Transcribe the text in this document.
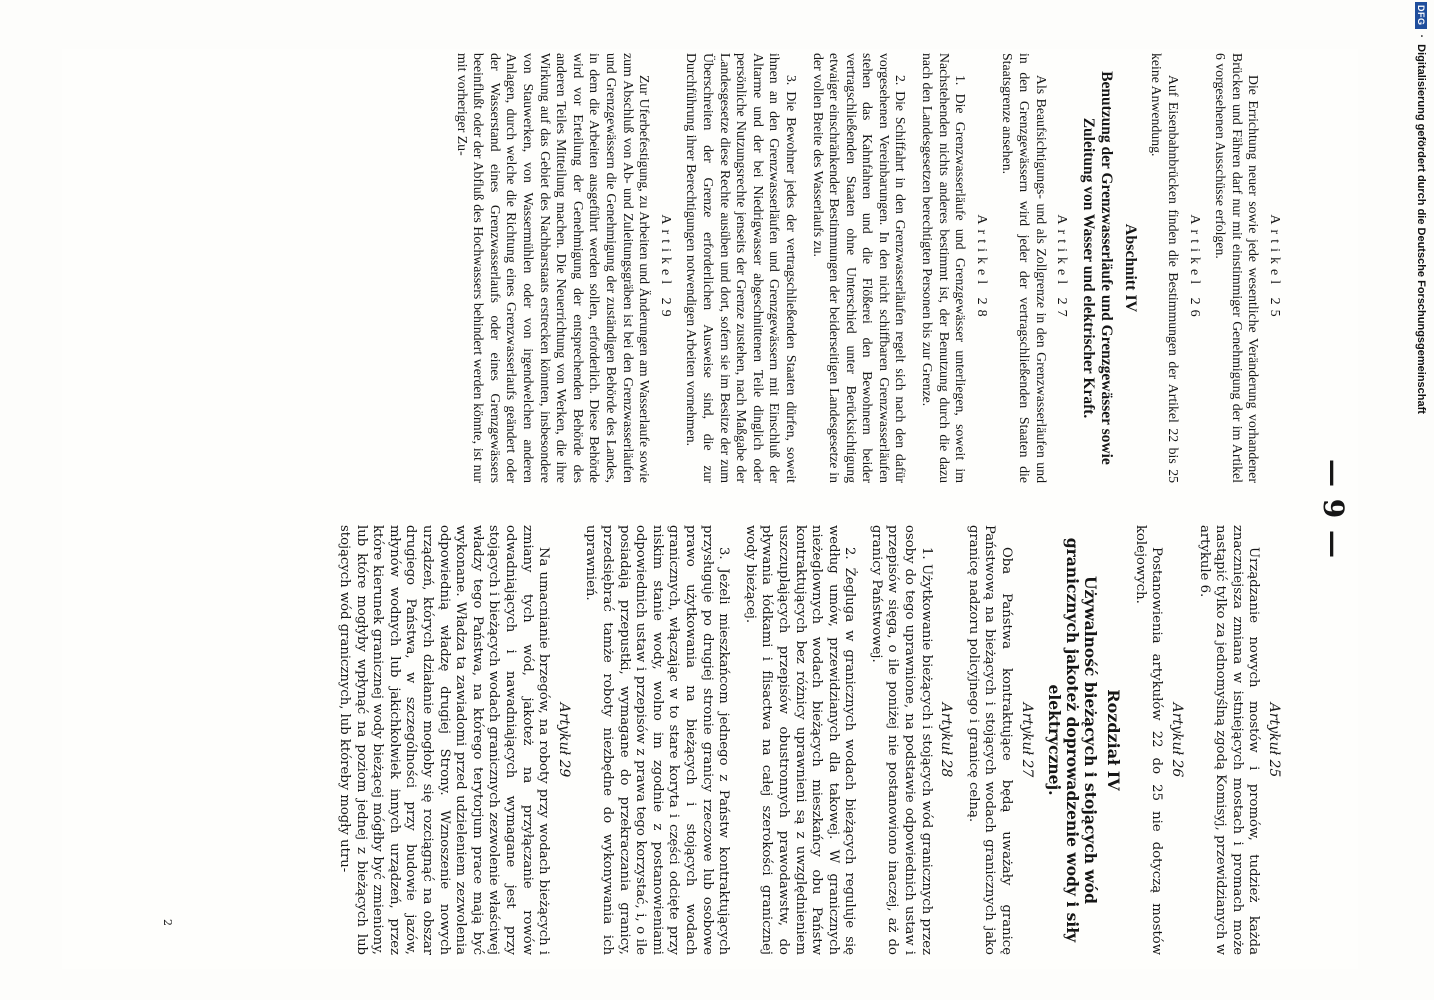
— 9 —
Artikel 25

Die Errichtung neuer sowie jede wesentliche Veränderung vorhandener Brücken und Fähren darf nur mit einstimmiger Genehmigung der im Artikel 6 vorgesehenen Ausschüsse erfolgen.

Artikel 26

Auf Eisenbahnbrücken finden die Bestimmungen der Artikel 22 bis 25 keine Anwendung.

Abschnitt IV
Benutzung der Grenzwasserläufe und Grenzgewässer sowie Zuleitung von Wasser und elektrischer Kraft.
Artikel 27

Als Beaufsichtigungs- und als Zollgrenze in den Grenzwasserläufen und in den Grenzgewässern wird jeder der vertragschließenden Staaten die Staatsgrenze ansehen.

Artikel 28

1. Die Grenzwasserläufe und Grenzgewässer unterliegen, soweit im Nachstehenden nichts anderes bestimmt ist, der Benutzung durch die dazu nach den Landesgesetzen berechtigten Personen bis zur Grenze.

2. Die Schiffahrt in den Grenzwasserläufen regelt sich nach den dafür vorgesehenen Vereinbarungen. In den nicht schiffbaren Grenzwasserläufen stehen das Kahnfahren und die Flößerei den Bewohnern beider vertragschließenden Staaten ohne Unterschied unter Berücksichtigung etwaiger einschränkender Bestimmungen der beiderseitigen Landesgesetze in der vollen Breite des Wasserlaufs zu.

3. Die Bewohner jedes der vertragschließenden Staaten dürfen, soweit ihnen an den Grenzwasserläufen und Grenzgewässern mit Einschluß der Altarme und der bei Niedrigwasser abgeschnittenen Teile dinglich oder persönliche Nutzungsrechte jenseits der Grenze zustehen, nach Maßgabe der Landesgesetze diese Rechte ausüben und dort, sofern sie im Besitze der zum Überschreiten der Grenze erforderlichen Ausweise sind, die zur Durchführung ihrer Berechtigungen notwendigen Arbeiten vornehmen.

Artikel 29

Zur Uferbefestigung, zu Arbeiten und Änderungen am Wasserlaufe sowie zum Abschluß von Ab- und Zuleitungsgräben ist bei den Grenzwasserläufen und Grenzgewässern die Genehmigung der zuständigen Behörde des Landes, in dem die Arbeiten ausgeführt werden sollen, erforderlich. Diese Behörde wird vor Erteilung der Genehmigung der entsprechenden Behörde des anderen Teiles Mitteilung machen. Die Neuerrichtung von Werken, die ihre Wirkung auf das Gebiet des Nachbarstaats erstrecken könnten, insbesondere von Stauwerken, von Wassermühlen oder von irgendwelchen anderen Anlagen, durch welche die Richtung eines Grenzwasserlaufs geändert oder der Wasserstand eines Grenzwasserlaufs oder eines Grenzgewässers beeinflußt oder der Abfluß des Hochwassers behindert werden könnte, ist nur mit vorheriger Zu-

Artykuł 25

Urządzanie nowych mostów i promów, tudzież każda znaczniejsza zmiana w istniejących mostach i promach może nastąpić tylko za jednomyślną zgodą Komisyj, przewidzianych w artykule 6.

Artykuł 26

Postanowienia artykułów 22 do 25 nie dotyczą mostów kolejowych.

Rozdział IV
Używalność bieżących i stojących wód granicznych jakotеż doprowadzenie wody i siły elektrycznej.
Artykuł 27

Oba Państwa kontraktujące będą uważały granicę Państwową na bieżących i stojących wodach granicznych jako granicę nadzoru policyjnego i granicę celną.

Artykuł 28

1. Użytkowanie bieżących i stojących wód granicznych przez osoby do tego uprawnione, na podstawie odpowiednich ustaw i przepisów sięga, o ile poniżej nie postanowiono inaczej, aż do granicy Państwowej.

2. Żegluga w granicznych wodach bieżących reguluje się według umów, przewidzianych dla takowej. W granicznych nieżeglownych wodach bieżących mieszkańcy obu Państw kontraktujących bez różnicy uprawnieni są z uwzględnieniem uszczuplających przepisów obustronnych prawodawstw, do pływania łódkami i flisactwa na całej szerokości granicznej wody bieżącej.

3. Jeżeli mieszkańcom jednego z Państw kontraktujących przysługuje po drugiej stronie granicy rzeczowe lub osobowe prawo użytkowania na bieżących i stojących wodach granicznych, włączając w to stare koryta i części odcięte przy niskim stanie wody, wolno im zgodnie z postanowieniami odpowiednich ustaw i przepisów z prawa tego korzystać, i, o ile posiadają przepustki, wymagane do przekraczania granicy, przedsiębrać tamże roboty niezbędne do wykonywania ich uprawnień.

Artykuł 29

Na umacnianie brzegów, na roboty przy wodach bieżących i zmiany tych wód, jakoteż na przyłączanie rowów odwadniających i nawadniających wymagane jest przy stojących i bieżących wodach granicznych zezwolenie właściwej władzy tego Państwa, na którego terytorjum prace mają być wykonane. Władza ta zawiadomi przed udzieleniem zezwolenia odpowiednią władzę drugiej Strony. Wznoszenie nowych urządzeń, których działanie mogłoby się rozciągnąć na obszar drugiego Państwa, w szczególności przy budowie jazów, młynów wodnych lub jakichkolwiek innych urządzeń, przez które kierunek granicznej wody bieżącej mógłby być zmieniony, lub które mogłyby wpłynąć na poziom jednej z bieżących lub stojących wód granicznych, lub któreby mogły utru-

2
DFG
·
Digitalisierung gefördert durch die Deutsche Forschungsgemeinschaft
